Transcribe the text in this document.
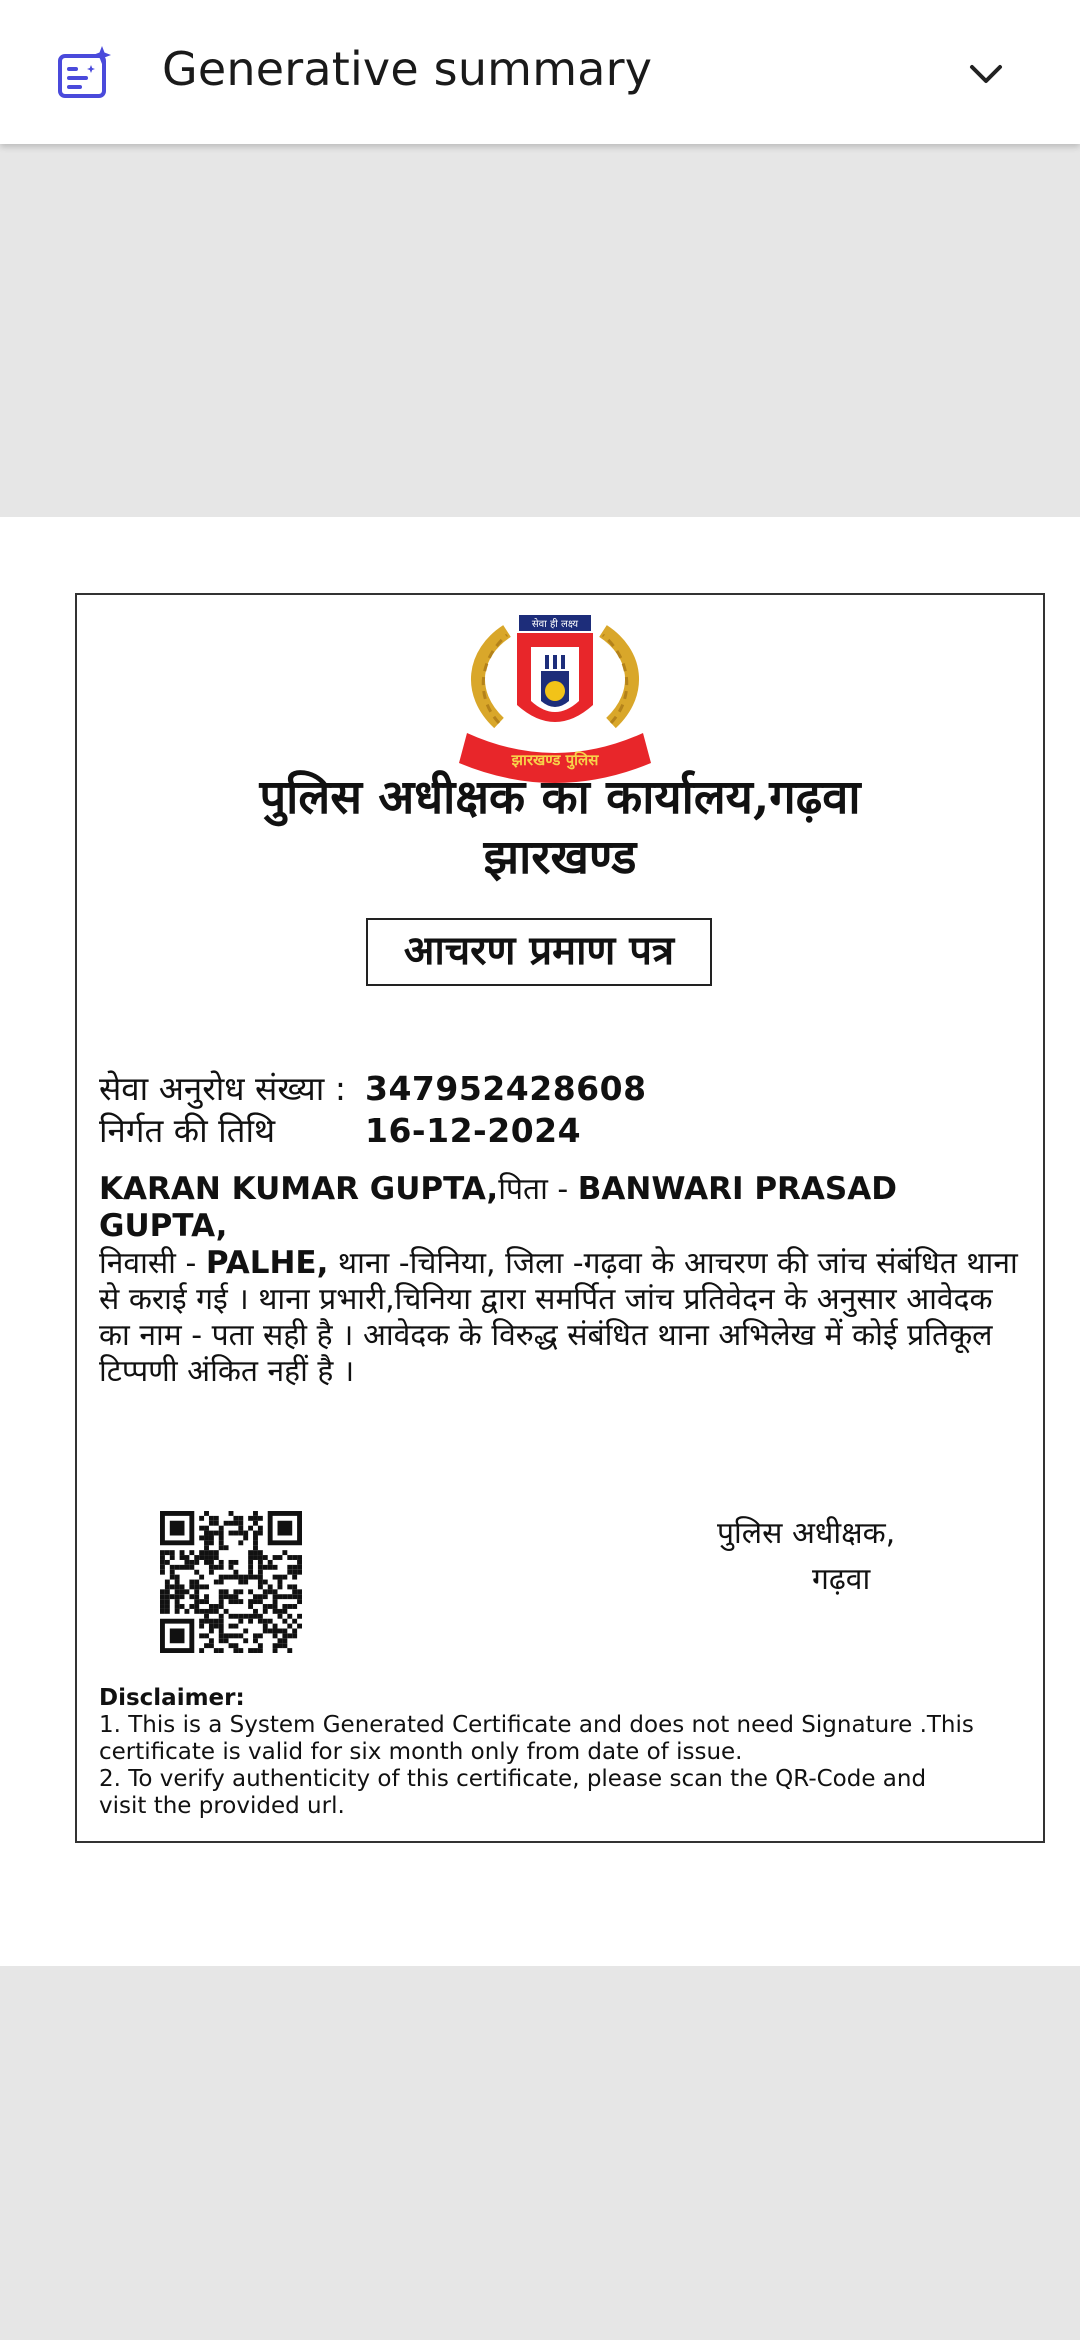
Generative summary
सेवा ही लक्ष्य
झारखण्ड पुलिस
पुलिस अधीक्षक का कार्यालय,गढ़वा
झारखण्ड
आचरण प्रमाण पत्र
सेवा अनुरोध संख्या : 347952428608
निर्गत की तिथि	16-12-2024
KARAN KUMAR GUPTA,पिता - BANWARI PRASAD GUPTA,
निवासी - PALHE, थाना -चिनिया, जिला -गढ़वा के आचरण की जांच संबंधित थाना से कराई गई । थाना प्रभारी,चिनिया द्वारा समर्पित जांच प्रतिवेदन के अनुसार आवेदक का नाम - पता सही है । आवेदक के विरुद्ध संबंधित थाना अभिलेख में कोई प्रतिकूल टिप्पणी अंकित नहीं है ।
पुलिस अधीक्षक,
गढ़वा
Disclaimer:
1. This is a System Generated Certificate and does not need Signature .This
certificate is valid for six month only from date of issue.
2. To verify authenticity of this certificate, please scan the QR-Code and
visit the provided url.
